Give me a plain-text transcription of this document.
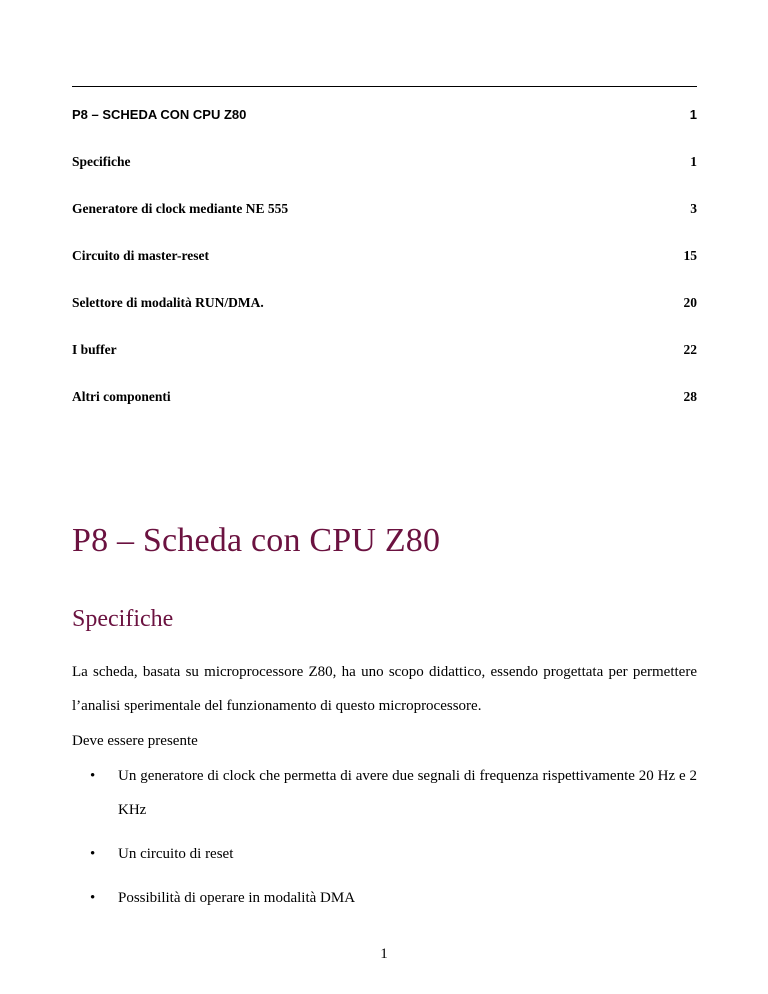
P8 – SCHEDA CON CPU Z80	1
Specifiche	1
Generatore di clock mediante NE 555	3
Circuito di master-reset	15
Selettore di modalità RUN/DMA.	20
I buffer	22
Altri componenti	28
P8 – Scheda con CPU Z80
Specifiche

La scheda, basata su microprocessore Z80, ha uno scopo didattico, essendo progettata per permettere l’analisi sperimentale del funzionamento di questo microprocessore.

Deve essere presente

• Un generatore di clock che permetta di avere due segnali di frequenza rispettivamente 20 Hz e 2 KHz
• Un circuito di reset
• Possibilità di operare in modalità DMA
1
